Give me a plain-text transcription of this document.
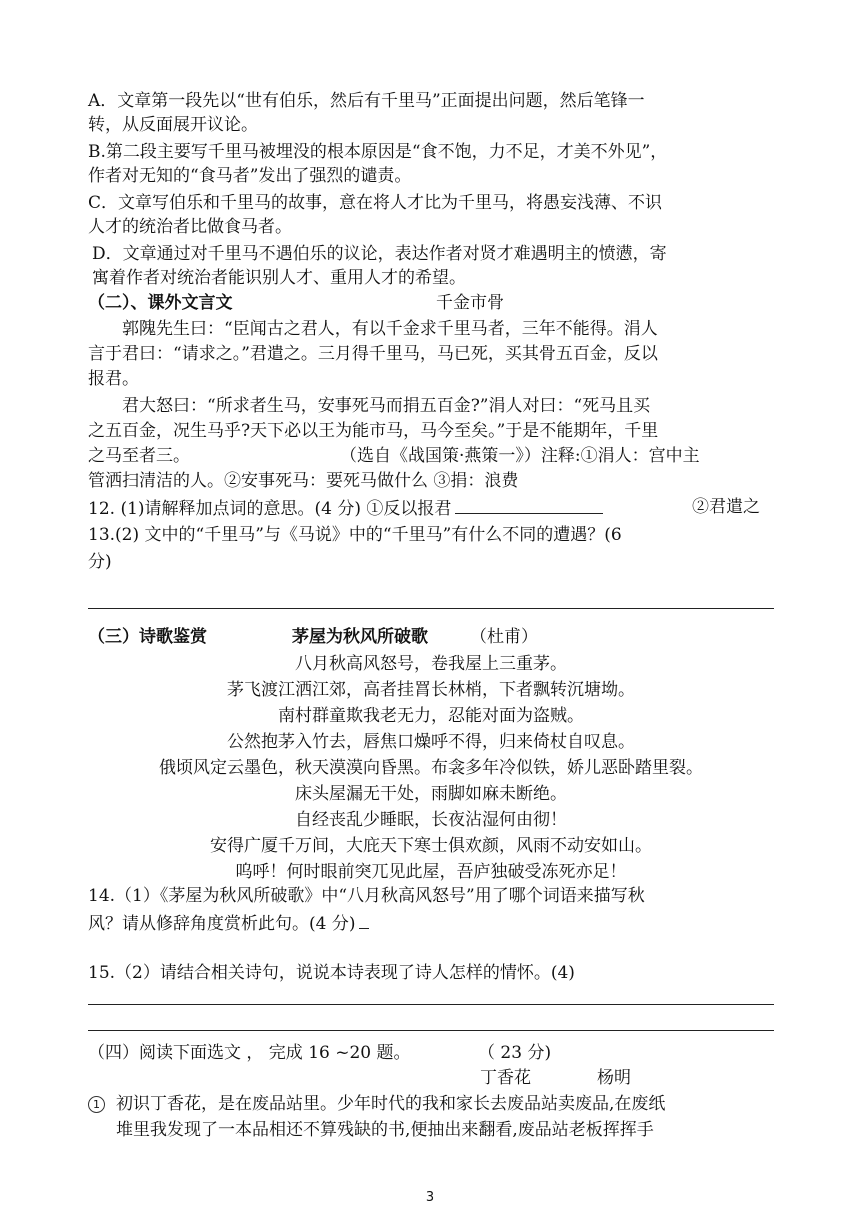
A．文章第一段先以“世有伯乐，然后有千里马”正面提出问题，然后笔锋一
转，从反面展开议论。
B.第二段主要写千里马被埋没的根本原因是“食不饱，力不足，才美不外见”，
作者对无知的“食马者”发出了强烈的谴责。
C．文章写伯乐和千里马的故事，意在将人才比为千里马，将愚妄浅薄、不识
人才的统治者比做食马者。
D．文章通过对千里马不遇伯乐的议论，表达作者对贤才难遇明主的愤懑，寄
寓着作者对统治者能识别人才、重用人才的希望。
（二）、课外文言文	千金市骨
郭隗先生曰：“臣闻古之君人，有以千金求千里马者，三年不能得。涓人
言于君曰：“请求之。”君遣之。三月得千里马，马已死，买其骨五百金，反以
报君。
君大怒曰：“所求者生马，安事死马而捐五百金?”涓人对曰：“死马且买
之五百金，况生马乎?天下必以王为能市马，马今至矣。”于是不能期年，千里
之马至者三。	（选自《战国策·燕策一》）注释:①涓人：宫中主
管洒扫清洁的人。②安事死马：要死马做什么 ③捐：浪费
12. (1)请解释加点词的意思。(4 分) ①反以报君	②君遣之
13.(2) 文中的“千里马”与《马说》中的“千里马”有什么不同的遭遇？(6
分)
（三）诗歌鉴赏	茅屋为秋风所破歌 （杜甫）
八月秋高风怒号，卷我屋上三重茅。
茅飞渡江洒江郊，高者挂罥长林梢，下者飘转沉塘坳。
南村群童欺我老无力，忍能对面为盗贼。
公然抱茅入竹去，唇焦口燥呼不得，归来倚杖自叹息。
俄顷风定云墨色，秋天漠漠向昏黑。布衾多年冷似铁，娇儿恶卧踏里裂。
床头屋漏无干处，雨脚如麻未断绝。
自经丧乱少睡眠，长夜沾湿何由彻！
安得广厦千万间，大庇天下寒士俱欢颜，风雨不动安如山。
呜呼！何时眼前突兀见此屋，吾庐独破受冻死亦足！
14.（1）《茅屋为秋风所破歌》中“八月秋高风怒号”用了哪个词语来描写秋
风？请从修辞角度赏析此句。(4 分)
15.（2）请结合相关诗句，说说本诗表现了诗人怎样的情怀。(4)
（四）阅读下面选文 ， 完成 16 ~20 题。	（ 23 分)
丁香花	杨明
1 初识丁香花，是在废品站里。少年时代的我和家长去废品站卖废品,在废纸
堆里我发现了一本品相还不算残缺的书,便抽出来翻看,废品站老板挥挥手
3
